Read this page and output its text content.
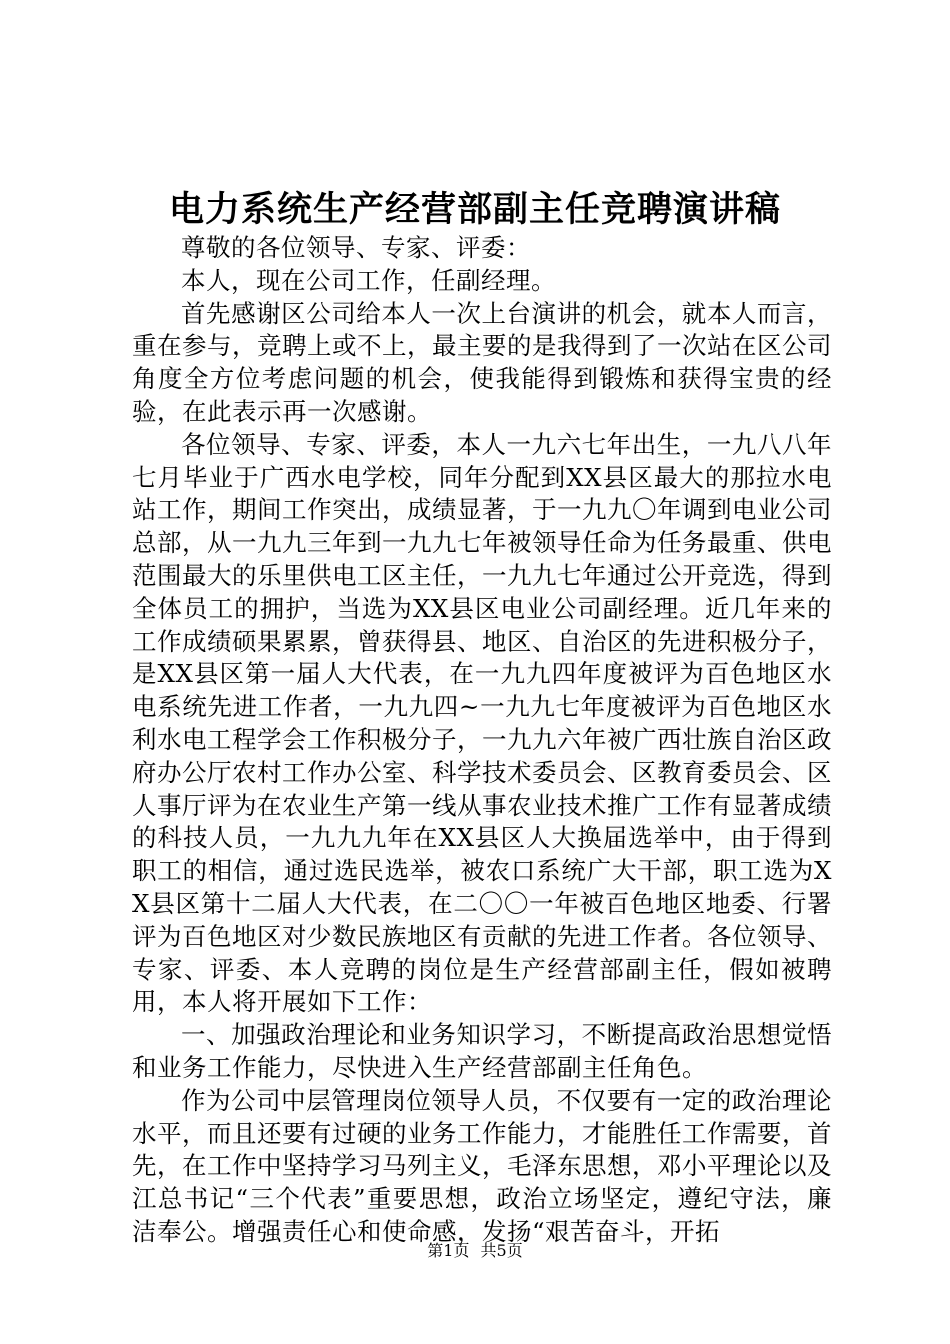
电力系统生产经营部副主任竞聘演讲稿

尊敬的各位领导、专家、评委：

本人，现在公司工作，任副经理。

首先感谢区公司给本人一次上台演讲的机会，就本人而言，重在参与，竞聘上或不上，最主要的是我得到了一次站在区公司角度全方位考虑问题的机会，使我能得到锻炼和获得宝贵的经验，在此表示再一次感谢。

各位领导、专家、评委，本人一九六七年出生，一九八八年七月毕业于广西水电学校，同年分配到XX县区最大的那拉水电站工作，期间工作突出，成绩显著，于一九九〇年调到电业公司总部，从一九九三年到一九九七年被领导任命为任务最重、供电范围最大的乐里供电工区主任，一九九七年通过公开竞选，得到全体员工的拥护，当选为XX县区电业公司副经理。近几年来的工作成绩硕果累累，曾获得县、地区、自治区的先进积极分子，是XX县区第一届人大代表，在一九九四年度被评为百色地区水电系统先进工作者，一九九四~一九九七年度被评为百色地区水利水电工程学会工作积极分子，一九九六年被广西壮族自治区政府办公厅农村工作办公室、科学技术委员会、区教育委员会、区人事厅评为在农业生产第一线从事农业技术推广工作有显著成绩的科技人员，一九九九年在XX县区人大换届选举中，由于得到职工的相信，通过选民选举，被农口系统广大干部，职工选为XX县区第十二届人大代表，在二〇〇一年被百色地区地委、行署评为百色地区对少数民族地区有贡献的先进工作者。各位领导、专家、评委、本人竞聘的岗位是生产经营部副主任，假如被聘用，本人将开展如下工作：

一、加强政治理论和业务知识学习，不断提高政治思想觉悟和业务工作能力，尽快进入生产经营部副主任角色。

作为公司中层管理岗位领导人员，不仅要有一定的政治理论水平，而且还要有过硬的业务工作能力，才能胜任工作需要，首先，在工作中坚持学习马列主义，毛泽东思想，邓小平理论以及江总书记“三个代表”重要思想，政治立场坚定，遵纪守法，廉洁奉公。增强责任心和使命感，发扬“艰苦奋斗，开拓

第1页 共5页
